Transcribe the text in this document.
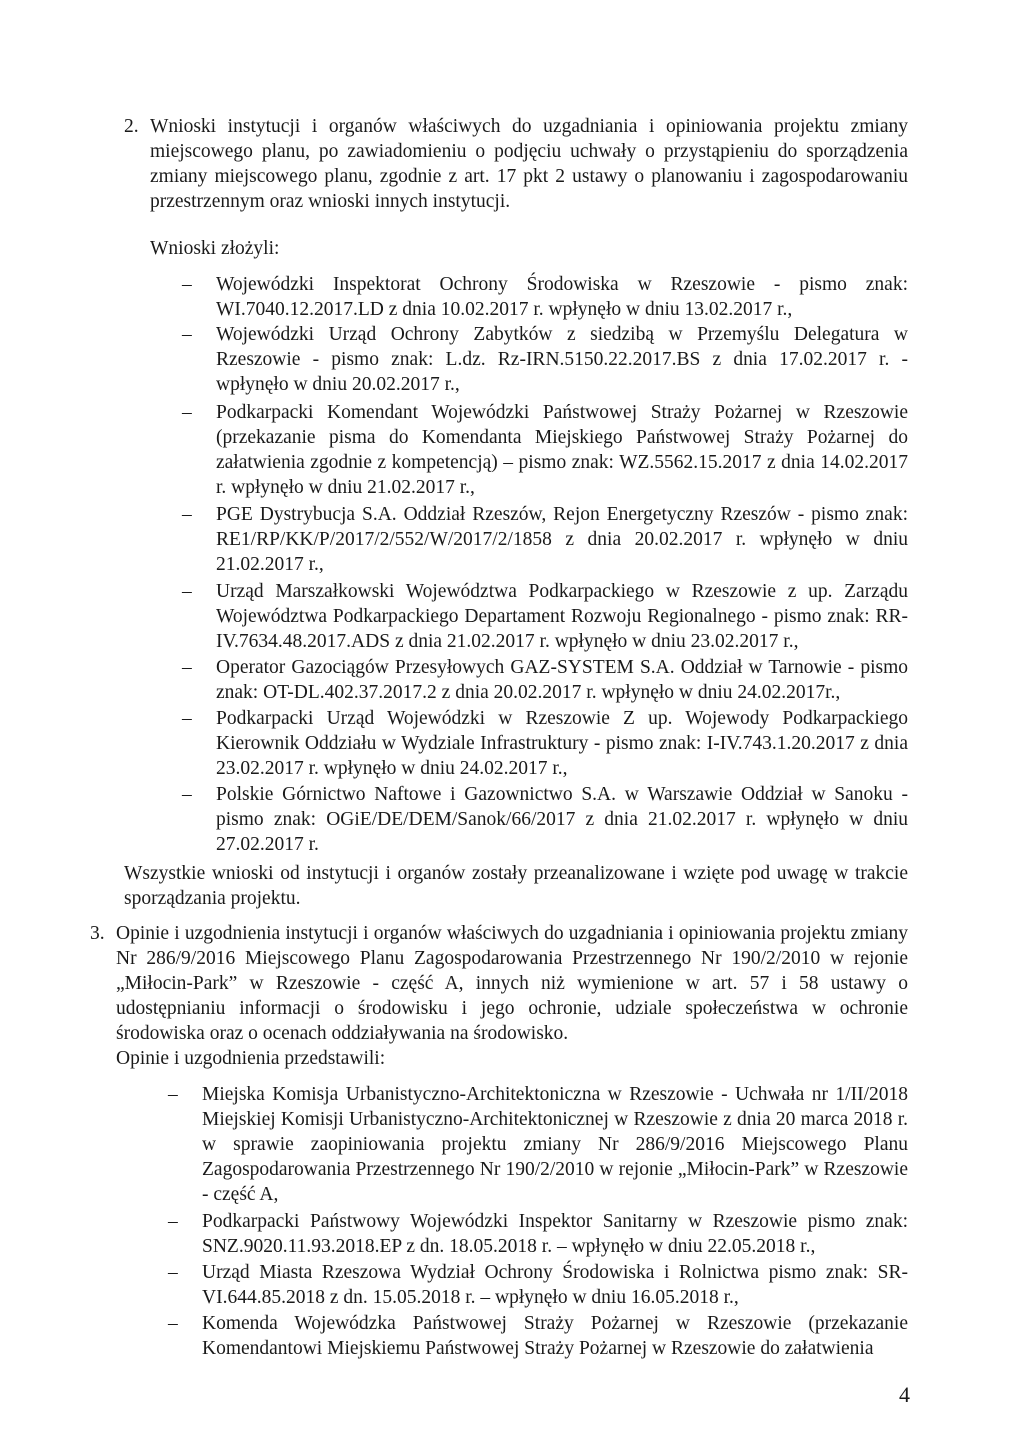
2. Wnioski instytucji i organów właściwych do uzgadniania i opiniowania projektu zmiany miejscowego planu, po zawiadomieniu o podjęciu uchwały o przystąpieniu do sporządzenia zmiany miejscowego planu, zgodnie z art. 17 pkt 2 ustawy o planowaniu i zagospodarowaniu przestrzennym oraz wnioski innych instytucji.
Wnioski złożyli:
– Wojewódzki Inspektorat Ochrony Środowiska w Rzeszowie - pismo znak: WI.7040.12.2017.LD z dnia 10.02.2017 r. wpłynęło w dniu 13.02.2017 r.,
– Wojewódzki Urząd Ochrony Zabytków z siedzibą w Przemyślu Delegatura w Rzeszowie - pismo znak: L.dz. Rz-IRN.5150.22.2017.BS z dnia 17.02.2017 r. - wpłynęło w dniu 20.02.2017 r.,
– Podkarpacki Komendant Wojewódzki Państwowej Straży Pożarnej w Rzeszowie (przekazanie pisma do Komendanta Miejskiego Państwowej Straży Pożarnej do załatwienia zgodnie z kompetencją) – pismo znak: WZ.5562.15.2017 z dnia 14.02.2017 r. wpłynęło w dniu 21.02.2017 r.,
– PGE Dystrybucja S.A. Oddział Rzeszów, Rejon Energetyczny Rzeszów - pismo znak: RE1/RP/KK/P/2017/2/552/W/2017/2/1858 z dnia 20.02.2017 r. wpłynęło w dniu 21.02.2017 r.,
– Urząd Marszałkowski Województwa Podkarpackiego w Rzeszowie z up. Zarządu Województwa Podkarpackiego Departament Rozwoju Regionalnego - pismo znak: RR-IV.7634.48.2017.ADS z dnia 21.02.2017 r. wpłynęło w dniu 23.02.2017 r.,
– Operator Gazociągów Przesyłowych GAZ-SYSTEM S.A. Oddział w Tarnowie - pismo znak: OT-DL.402.37.2017.2 z dnia 20.02.2017 r. wpłynęło w dniu 24.02.2017r.,
– Podkarpacki Urząd Wojewódzki w Rzeszowie Z up. Wojewody Podkarpackiego Kierownik Oddziału w Wydziale Infrastruktury - pismo znak: I-IV.743.1.20.2017 z dnia 23.02.2017 r. wpłynęło w dniu 24.02.2017 r.,
– Polskie Górnictwo Naftowe i Gazownictwo S.A. w Warszawie Oddział w Sanoku - pismo znak: OGiE/DE/DEM/Sanok/66/2017 z dnia 21.02.2017 r. wpłynęło w dniu 27.02.2017 r.
Wszystkie wnioski od instytucji i organów zostały przeanalizowane i wzięte pod uwagę w trakcie sporządzania projektu.
3. Opinie i uzgodnienia instytucji i organów właściwych do uzgadniania i opiniowania projektu zmiany Nr 286/9/2016 Miejscowego Planu Zagospodarowania Przestrzennego Nr 190/2/2010 w rejonie „Miłocin-Park” w Rzeszowie - część A, innych niż wymienione w art. 57 i 58 ustawy o udostępnianiu informacji o środowisku i jego ochronie, udziale społeczeństwa w ochronie środowiska oraz o ocenach oddziaływania na środowisko.
Opinie i uzgodnienia przedstawili:
– Miejska Komisja Urbanistyczno-Architektoniczna w Rzeszowie - Uchwała nr 1/II/2018 Miejskiej Komisji Urbanistyczno-Architektonicznej w Rzeszowie z dnia 20 marca 2018 r. w sprawie zaopiniowania projektu zmiany Nr 286/9/2016 Miejscowego Planu Zagospodarowania Przestrzennego Nr 190/2/2010 w rejonie „Miłocin-Park” w Rzeszowie - część A,
– Podkarpacki Państwowy Wojewódzki Inspektor Sanitarny w Rzeszowie pismo znak: SNZ.9020.11.93.2018.EP z dn. 18.05.2018 r. – wpłynęło w dniu 22.05.2018 r.,
– Urząd Miasta Rzeszowa Wydział Ochrony Środowiska i Rolnictwa pismo znak: SR-VI.644.85.2018 z dn. 15.05.2018 r. – wpłynęło w dniu 16.05.2018 r.,
– Komenda Wojewódzka Państwowej Straży Pożarnej w Rzeszowie (przekazanie Komendantowi Miejskiemu Państwowej Straży Pożarnej w Rzeszowie do załatwienia
4
